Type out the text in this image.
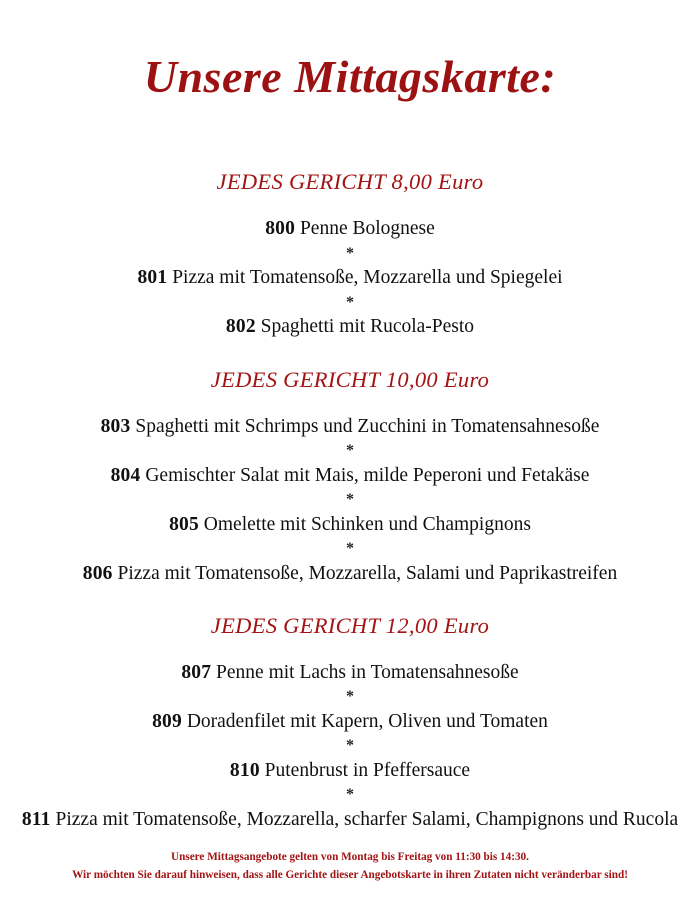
Unsere Mittagskarte:
JEDES GERICHT 8,00 Euro
800 Penne Bolognese
*
801 Pizza mit Tomatensoße, Mozzarella und Spiegelei
*
802 Spaghetti mit Rucola-Pesto
JEDES GERICHT 10,00 Euro
803 Spaghetti mit Schrimps und Zucchini in Tomatensahnesoße
*
804 Gemischter Salat mit Mais, milde Peperoni und Fetakäse
*
805 Omelette mit Schinken und Champignons
*
806 Pizza mit Tomatensoße, Mozzarella, Salami und Paprikastreifen
JEDES GERICHT 12,00 Euro
807 Penne mit Lachs in Tomatensahnesoße
*
809 Doradenfilet mit Kapern, Oliven und Tomaten
*
810 Putenbrust in Pfeffersauce
*
811 Pizza mit Tomatensoße, Mozzarella, scharfer Salami, Champignons und Rucola
Unsere Mittagsangebote gelten von Montag bis Freitag von 11:30 bis 14:30.
Wir möchten Sie darauf hinweisen, dass alle Gerichte dieser Angebotskarte in ihren Zutaten nicht veränderbar sind!
